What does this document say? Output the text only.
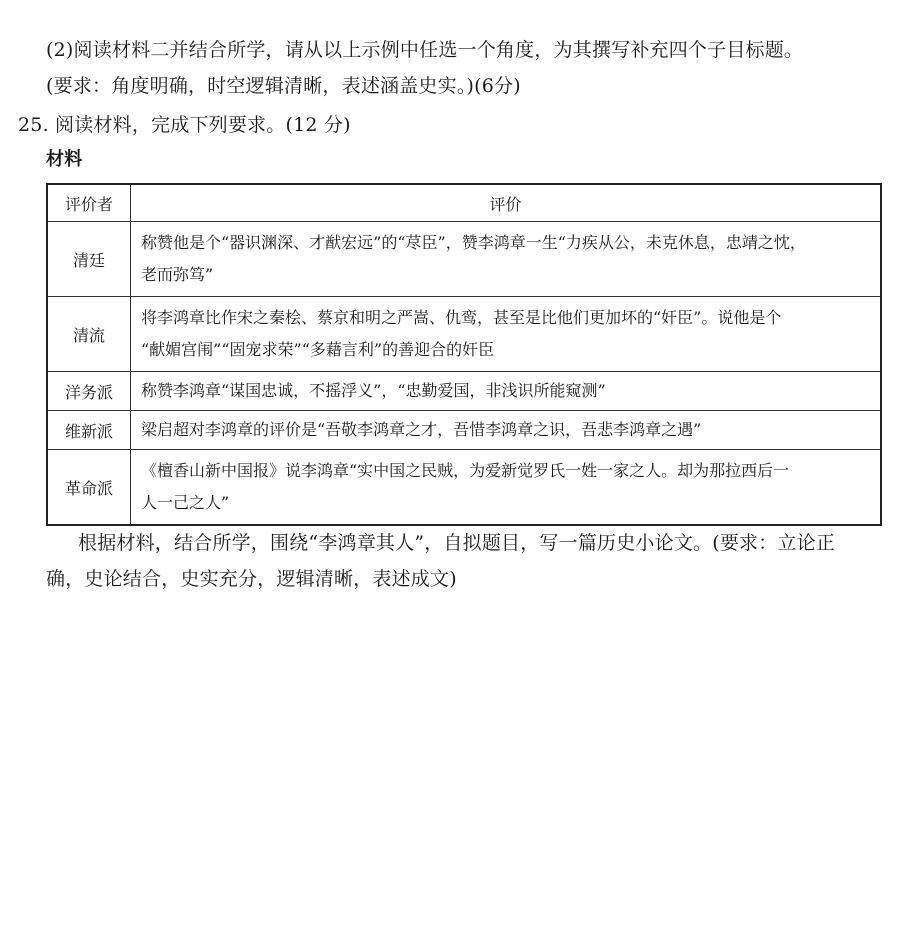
(2)阅读材料二并结合所学，请从以上示例中任选一个角度，为其撰写补充四个子目标题。
(要求：角度明确，时空逻辑清晰，表述涵盖史实。)(6分)
25. 阅读材料，完成下列要求。(12 分)
材料
评价者	评价
清廷	称赞他是个“器识渊深、才猷宏远”的“荩臣”，赞李鸿章一生“力疾从公，未克休息，忠靖之忱，
老而弥笃”

清流	将李鸿章比作宋之秦桧、蔡京和明之严嵩、仇鸾，甚至是比他们更加坏的“奸臣”。说他是个
“献媚宫闱”“固宠求荣”“多藉言利”的善迎合的奸臣

洋务派	称赞李鸿章“谋国忠诚，不摇浮义”，“忠勤爱国，非浅识所能窥测”

维新派	梁启超对李鸿章的评价是“吾敬李鸿章之才，吾惜李鸿章之识，吾悲李鸿章之遇”

革命派	《檀香山新中国报》说李鸿章“实中国之民贼，为爱新觉罗氏一姓一家之人。却为那拉西后一
人一己之人”
根据材料，结合所学，围绕“李鸿章其人”，自拟题目，写一篇历史小论文。(要求：立论正
确，史论结合，史实充分，逻辑清晰，表述成文)
